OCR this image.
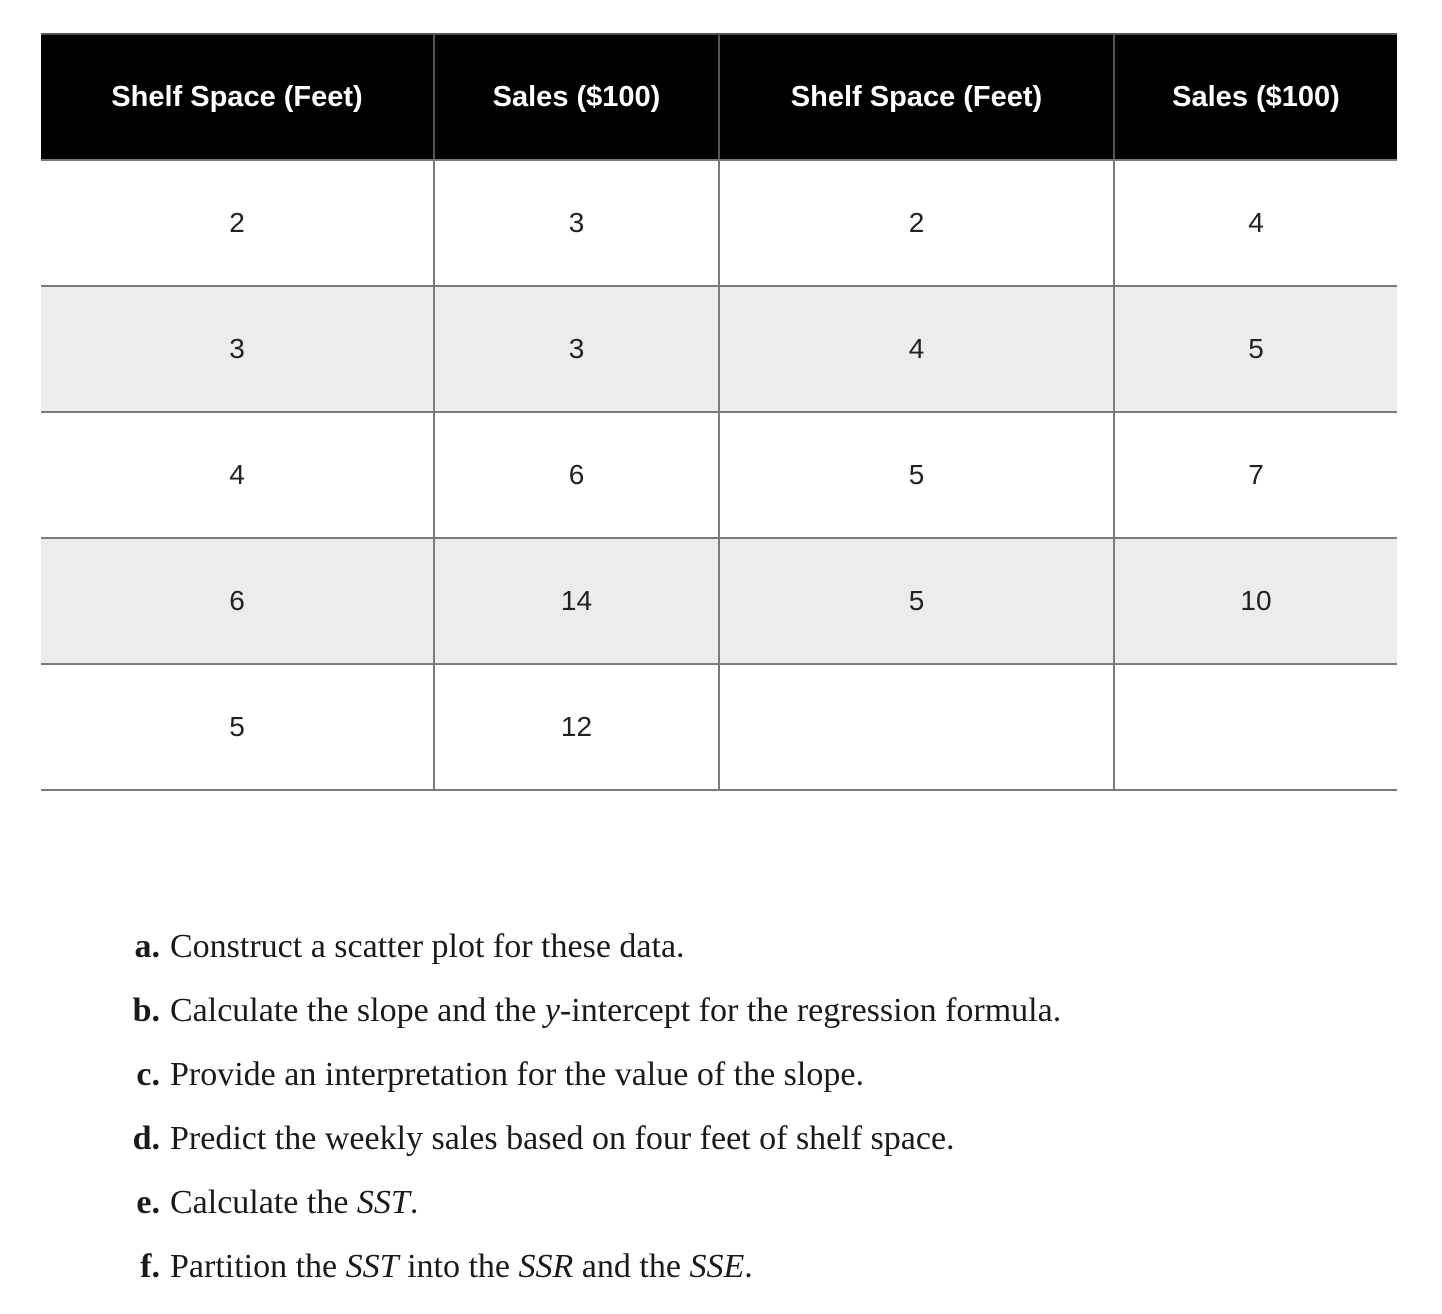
Shelf Space (Feet)	Sales ($100)	Shelf Space (Feet)	Sales ($100)
2	3	2	4
3	3	4	5
4	6	5	7
6	14	5	10
5	12		
a. Construct a scatter plot for these data.
b. Calculate the slope and the y-intercept for the regression formula.
c. Provide an interpretation for the value of the slope.
d. Predict the weekly sales based on four feet of shelf space.
e. Calculate the SST.
f. Partition the SST into the SSR and the SSE.
